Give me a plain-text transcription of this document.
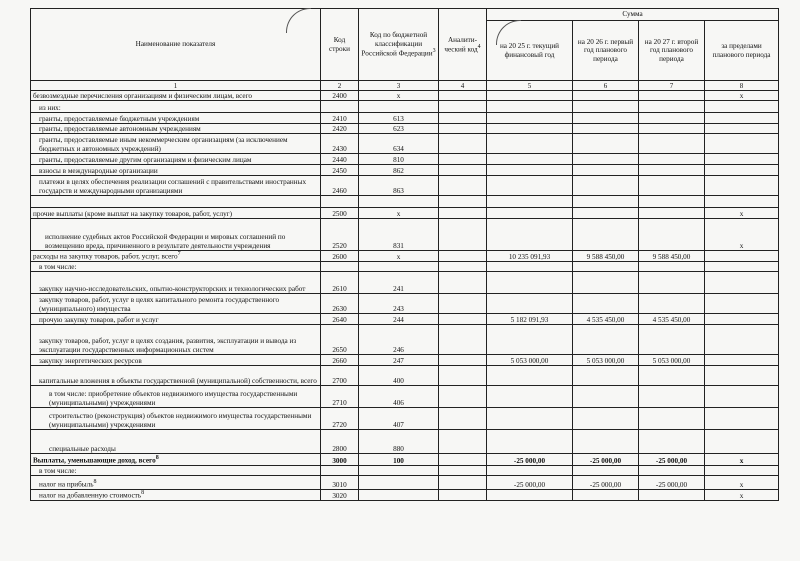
Наименование показателя	Код строки	Код по бюджетной классификации Российской Федерации$^3$	Аналити-ческий код$^4$	Сумма			
				на 20 25 г. текущий финансовый год	на 20 26 г. первый год планового периода	на 20 27 г. второй год планового периода	за пределами планового периода
1	2	3	4	5	6	7	8
безвозмездные перечисления организациям и физическим лицам, всего	2400	x					x
из них:							
гранты, предоставляемые бюджетным учреждениям	2410	613					
гранты, предоставляемые автономным учреждениям	2420	623					
гранты, предоставляемые иным некоммерческим организациям (за исключением бюджетных и автономных учреждений)	2430	634					
гранты, предоставляемые другим организациям и физическим лицам	2440	810					
взносы в международные организации	2450	862					
платежи в целях обеспечения реализации соглашений с правительствами иностранных государств и международными организациями	2460	863					

прочие выплаты (кроме выплат на закупку товаров, работ, услуг)	2500	x					x
исполнение судебных актов Российской Федерации и мировых соглашений по возмещению вреда, причиненного в результате деятельности учреждения	2520	831					x
расходы на закупку товаров, работ, услуг, всего$^7$	2600	x		10 235 091,93	9 588 450,00	9 588 450,00	
в том числе:							
закупку научно-исследовательских, опытно-конструкторских и технологических работ	2610	241					
закупку товаров, работ, услуг в целях капитального ремонта государственного (муниципального) имущества	2630	243					
прочую закупку товаров, работ и услуг	2640	244		5 182 091,93	4 535 450,00	4 535 450,00	
закупку товаров, работ, услуг в целях создания, развития, эксплуатации и вывода из эксплуатации государственных информационных систем	2650	246					
закупку энергетических ресурсов	2660	247		5 053 000,00	5 053 000,00	5 053 000,00	
капитальные вложения в объекты государственной (муниципальной) собственности, всего	2700	400					
в том числе: приобретение объектов недвижимого имущества государственными (муниципальными) учреждениями	2710	406					
строительство (реконструкция) объектов недвижимого имущества государственными (муниципальными) учреждениями	2720	407					
специальные расходы	2800	880					
Выплаты, уменьшающие доход, всего$^8$	3000	100		-25 000,00	-25 000,00	-25 000,00	x
в том числе:							
налог на прибыль$^8$	3010			-25 000,00	-25 000,00	-25 000,00	x
налог на добавленную стоимость$^8$	3020						x
